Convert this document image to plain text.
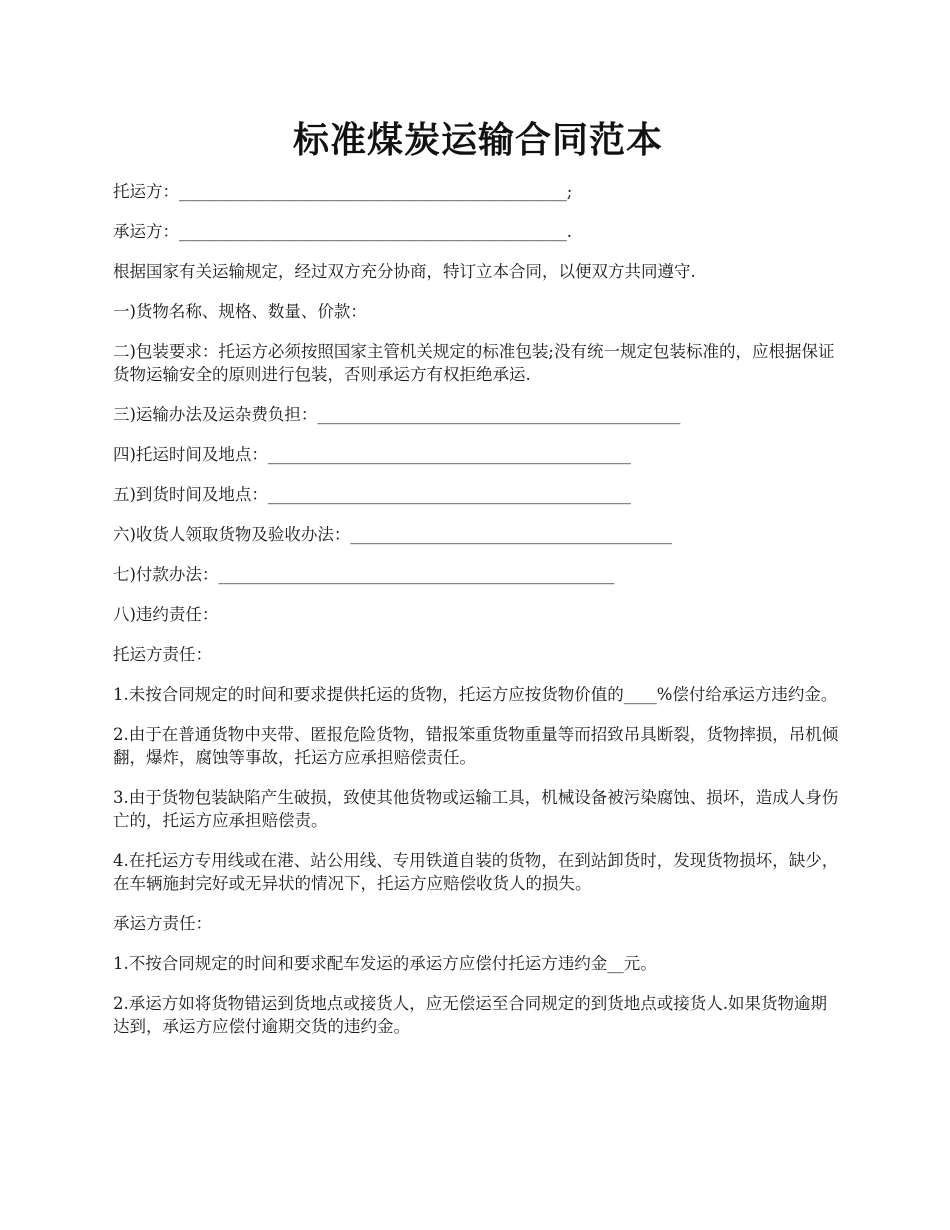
标准煤炭运输合同范本

托运方：_______________________________________________;

承运方：_______________________________________________.

根据国家有关运输规定，经过双方充分协商，特订立本合同，以便双方共同遵守.

一)货物名称、规格、数量、价款：

二)包装要求：托运方必须按照国家主管机关规定的标准包装;没有统一规定包装标准的，应根据保证货物运输安全的原则进行包装，否则承运方有权拒绝承运.

三)运输办法及运杂费负担：____________________________________________

四)托运时间及地点：____________________________________________

五)到货时间及地点：____________________________________________

六)收货人领取货物及验收办法：_______________________________________

七)付款办法：________________________________________________

八)违约责任：

托运方责任：

1.未按合同规定的时间和要求提供托运的货物，托运方应按货物价值的____%偿付给承运方违约金。

2.由于在普通货物中夹带、匿报危险货物，错报笨重货物重量等而招致吊具断裂，货物摔损，吊机倾翻，爆炸，腐蚀等事故，托运方应承担赔偿责任。

3.由于货物包装缺陷产生破损，致使其他货物或运输工具，机械设备被污染腐蚀、损坏，造成人身伤亡的，托运方应承担赔偿责。

4.在托运方专用线或在港、站公用线、专用铁道自装的货物，在到站卸货时，发现货物损坏，缺少，在车辆施封完好或无异状的情况下，托运方应赔偿收货人的损失。

承运方责任：

1.不按合同规定的时间和要求配车发运的承运方应偿付托运方违约金__元。

2.承运方如将货物错运到货地点或接货人，应无偿运至合同规定的到货地点或接货人.如果货物逾期达到，承运方应偿付逾期交货的违约金。
